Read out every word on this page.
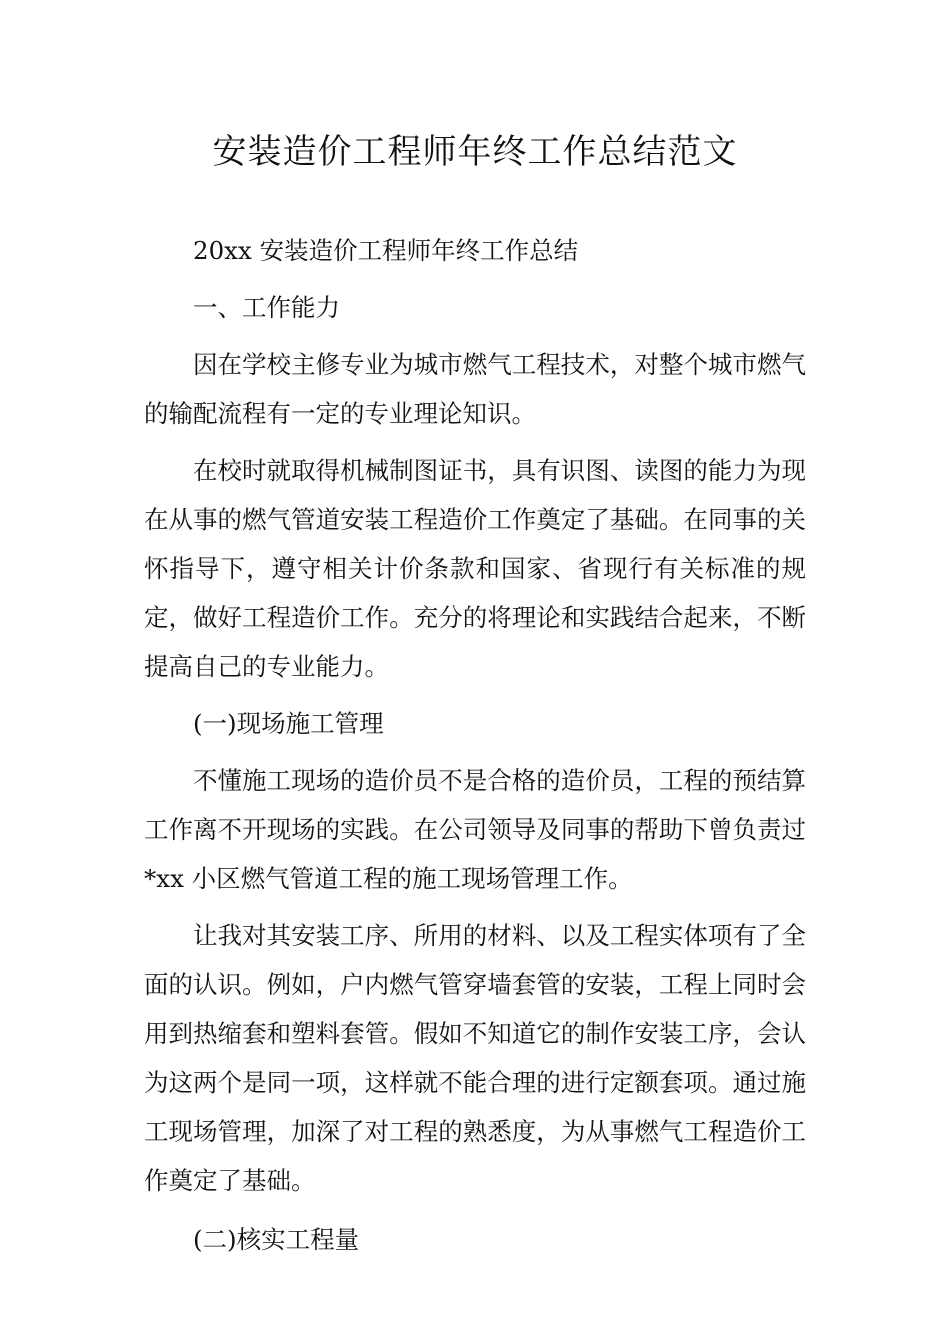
安装造价工程师年终工作总结范文

20xx 安装造价工程师年终工作总结

一、工作能力

因在学校主修专业为城市燃气工程技术，对整个城市燃气的输配流程有一定的专业理论知识。

在校时就取得机械制图证书，具有识图、读图的能力为现在从事的燃气管道安装工程造价工作奠定了基础。在同事的关怀指导下，遵守相关计价条款和国家、省现行有关标准的规定，做好工程造价工作。充分的将理论和实践结合起来，不断提高自己的专业能力。

(一)现场施工管理

不懂施工现场的造价员不是合格的造价员，工程的预结算工作离不开现场的实践。在公司领导及同事的帮助下曾负责过*xx 小区燃气管道工程的施工现场管理工作。

让我对其安装工序、所用的材料、以及工程实体项有了全面的认识。例如，户内燃气管穿墙套管的安装，工程上同时会用到热缩套和塑料套管。假如不知道它的制作安装工序，会认为这两个是同一项，这样就不能合理的进行定额套项。通过施工现场管理，加深了对工程的熟悉度，为从事燃气工程造价工作奠定了基础。

(二)核实工程量
